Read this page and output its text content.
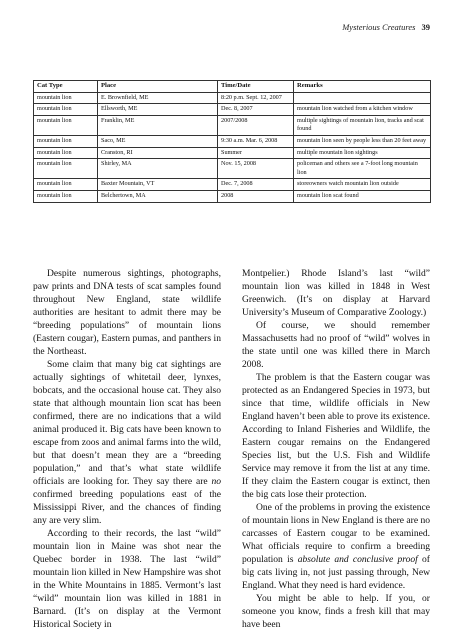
Mysterious Creatures 39
Cat Type	Place	Time/Date	Remarks
mountain lion	E. Brownfield, ME	8:20 p.m. Sept. 12, 2007	
mountain lion	Ellsworth, ME	Dec. 8, 2007	mountain lion watched from a kitchen window
mountain lion	Franklin, ME	2007/2008	multiple sightings of mountain lion, tracks and scat found
mountain lion	Saco, ME	9:30 a.m. Mar. 6, 2008	mountain lion seen by people less than 20 feet away
mountain lion	Cranston, RI	Summer	multiple mountain lion sightings
mountain lion	Shirley, MA	Nov. 15, 2008	policeman and others see a 7-foot long mountain lion
mountain lion	Baxter Mountain, VT	Dec. 7, 2008	storeowners watch mountain lion outside
mountain lion	Belchertown, MA	2008	mountain lion scat found

Despite numerous sightings, photographs, paw prints and DNA tests of scat samples found throughout New England, state wildlife authorities are hesitant to admit there may be “breeding populations” of mountain lions (Eastern cougar), Eastern pumas, and panthers in the Northeast.

Some claim that many big cat sightings are actually sightings of whitetail deer, lynxes, bobcats, and the occasional house cat. They also state that although mountain lion scat has been confirmed, there are no indications that a wild animal produced it. Big cats have been known to escape from zoos and animal farms into the wild, but that doesn’t mean they are a “breeding population,” and that’s what state wildlife officials are looking for. They say there are no confirmed breeding populations east of the Mississippi River, and the chances of finding any are very slim.

According to their records, the last “wild” mountain lion in Maine was shot near the Quebec border in 1938. The last “wild” mountain lion killed in New Hampshire was shot in the White Mountains in 1885. Vermont’s last “wild” mountain lion was killed in 1881 in Barnard. (It’s on display at the Vermont Historical Society in

Montpelier.) Rhode Island’s last “wild” mountain lion was killed in 1848 in West Greenwich. (It’s on display at Harvard University’s Museum of Comparative Zoology.)

Of course, we should remember Massachusetts had no proof of “wild” wolves in the state until one was killed there in March 2008.

The problem is that the Eastern cougar was protected as an Endangered Species in 1973, but since that time, wildlife officials in New England haven’t been able to prove its existence. According to Inland Fisheries and Wildlife, the Eastern cougar remains on the Endangered Species list, but the U.S. Fish and Wildlife Service may remove it from the list at any time. If they claim the Eastern cougar is extinct, then the big cats lose their protection.

One of the problems in proving the existence of mountain lions in New England is there are no carcasses of Eastern cougar to be examined. What officials require to confirm a breeding population is absolute and conclusive proof of big cats living in, not just passing through, New England. What they need is hard evidence.

You might be able to help. If you, or someone you know, finds a fresh kill that may have been
